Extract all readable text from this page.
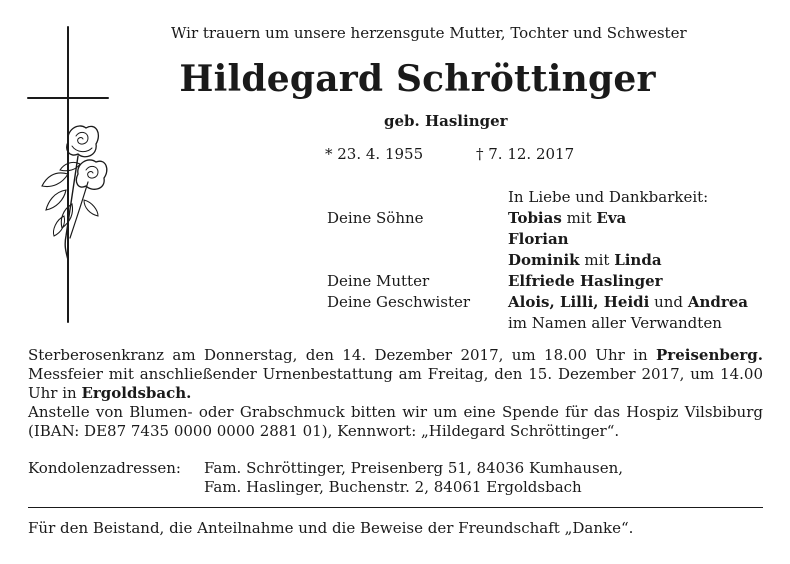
Wir trauern um unsere herzensgute Mutter, Tochter und Schwester
Hildegard Schröttinger
geb. Haslinger
* 23. 4. 1955	† 7. 12. 2017
In Liebe und Dankbarkeit:
Deine Söhne	Tobias mit Eva
Florian
Dominik mit Linda
Deine Mutter	Elfriede Haslinger
Deine Geschwister	Alois, Lilli, Heidi und Andrea
im Namen aller Verwandten
Sterberosenkranz am Donnerstag, den 14. Dezember 2017, um 18.00 Uhr in Preisenberg. Messfeier mit anschließender Urnenbestattung am Freitag, den 15. Dezember 2017, um 14.00 Uhr in Ergoldsbach.
Anstelle von Blumen- oder Grabschmuck bitten wir um eine Spende für das Hospiz Vilsbiburg (IBAN: DE87 7435 0000 0000 2881 01), Kennwort: „Hildegard Schröttinger“.
Kondolenzadressen:	Fam. Schröttinger, Preisenberg 51, 84036 Kumhausen,
Fam. Haslinger, Buchenstr. 2, 84061 Ergoldsbach
Für den Beistand, die Anteilnahme und die Beweise der Freundschaft „Danke“.
